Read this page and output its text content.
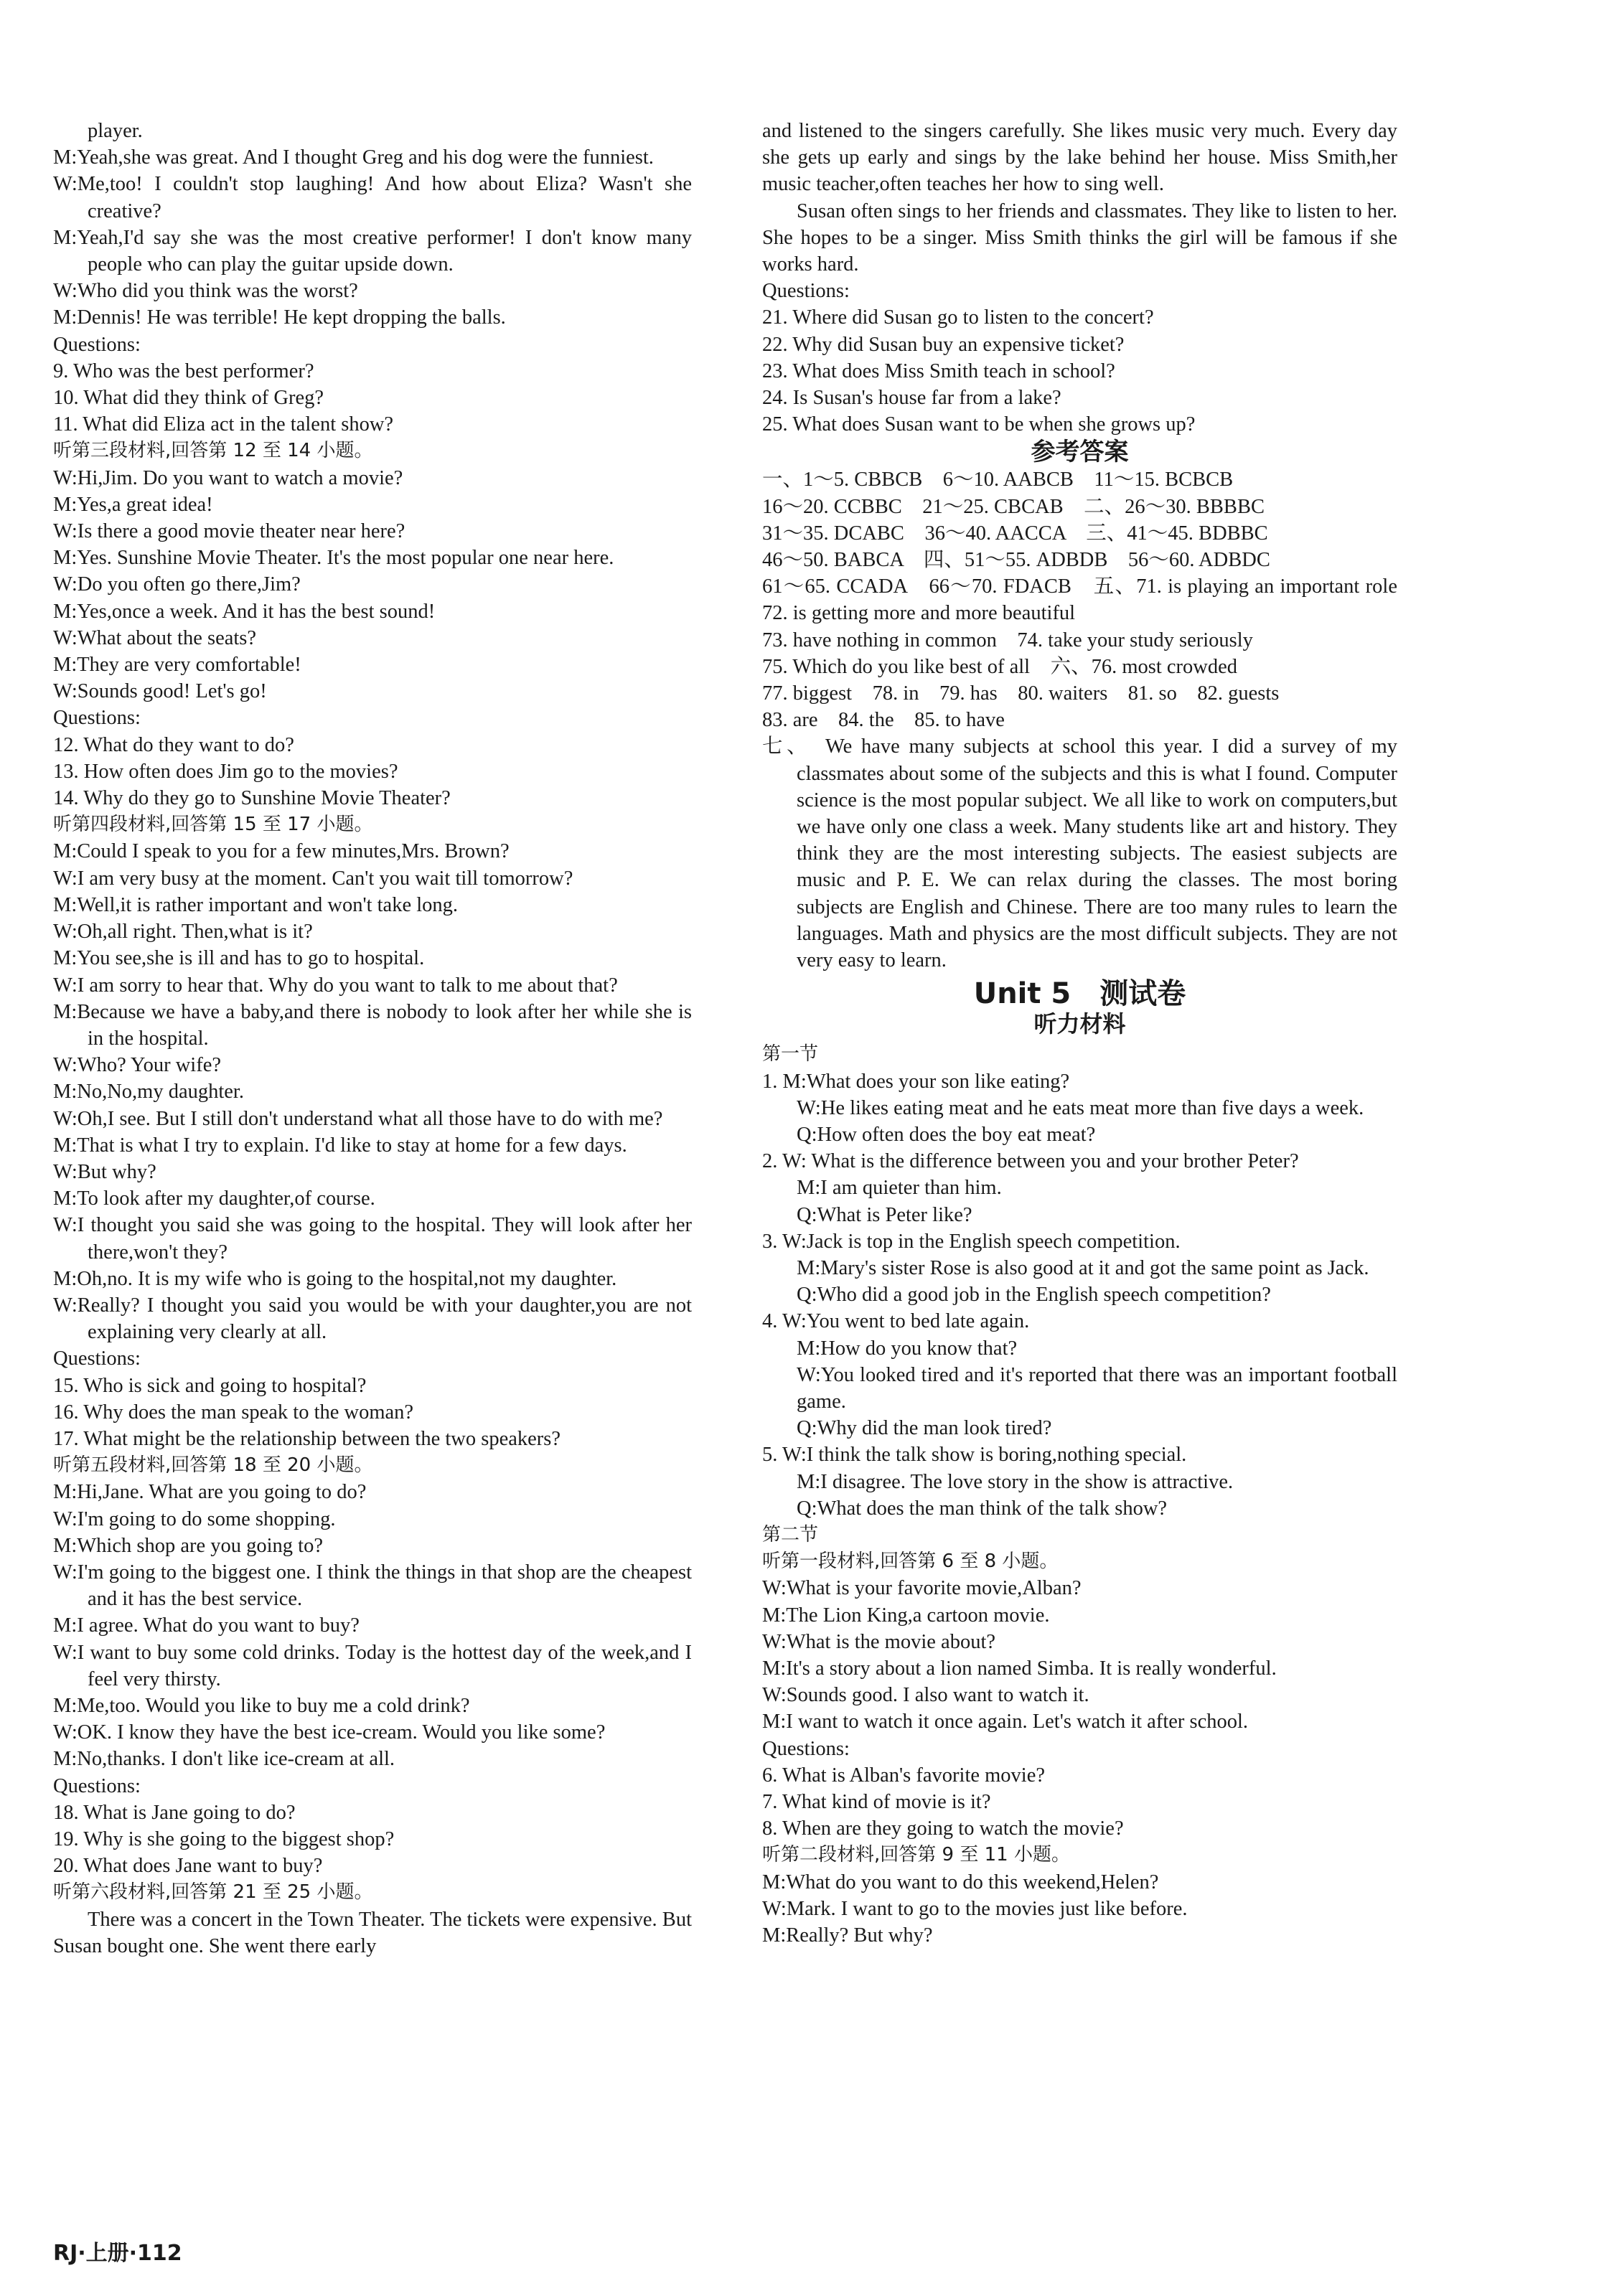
player.

M:Yeah,she was great. And I thought Greg and his dog were the funniest.

W:Me,too! I couldn't stop laughing! And how about Eliza? Wasn't she creative?

M:Yeah,I'd say she was the most creative performer! I don't know many people who can play the guitar upside down.

W:Who did you think was the worst?

M:Dennis! He was terrible! He kept dropping the balls.

Questions:

9. Who was the best performer?

10. What did they think of Greg?

11. What did Eliza act in the talent show?

听第三段材料,回答第 12 至 14 小题。

W:Hi,Jim. Do you want to watch a movie?

M:Yes,a great idea!

W:Is there a good movie theater near here?

M:Yes. Sunshine Movie Theater. It's the most popular one near here.

W:Do you often go there,Jim?

M:Yes,once a week. And it has the best sound!

W:What about the seats?

M:They are very comfortable!

W:Sounds good! Let's go!

Questions:

12. What do they want to do?

13. How often does Jim go to the movies?

14. Why do they go to Sunshine Movie Theater?

听第四段材料,回答第 15 至 17 小题。

M:Could I speak to you for a few minutes,Mrs. Brown?

W:I am very busy at the moment. Can't you wait till tomorrow?

M:Well,it is rather important and won't take long.

W:Oh,all right. Then,what is it?

M:You see,she is ill and has to go to hospital.

W:I am sorry to hear that. Why do you want to talk to me about that?

M:Because we have a baby,and there is nobody to look after her while she is in the hospital.

W:Who? Your wife?

M:No,No,my daughter.

W:Oh,I see. But I still don't understand what all those have to do with me?

M:That is what I try to explain. I'd like to stay at home for a few days.

W:But why?

M:To look after my daughter,of course.

W:I thought you said she was going to the hospital. They will look after her there,won't they?

M:Oh,no. It is my wife who is going to the hospital,not my daughter.

W:Really? I thought you said you would be with your daughter,you are not explaining very clearly at all.

Questions:

15. Who is sick and going to hospital?

16. Why does the man speak to the woman?

17. What might be the relationship between the two speakers?

听第五段材料,回答第 18 至 20 小题。

M:Hi,Jane. What are you going to do?

W:I'm going to do some shopping.

M:Which shop are you going to?

W:I'm going to the biggest one. I think the things in that shop are the cheapest and it has the best service.

M:I agree. What do you want to buy?

W:I want to buy some cold drinks. Today is the hottest day of the week,and I feel very thirsty.

M:Me,too. Would you like to buy me a cold drink?

W:OK. I know they have the best ice-cream. Would you like some?

M:No,thanks. I don't like ice-cream at all.

Questions:

18. What is Jane going to do?

19. Why is she going to the biggest shop?

20. What does Jane want to buy?

听第六段材料,回答第 21 至 25 小题。

There was a concert in the Town Theater. The tickets were expensive. But Susan bought one. She went there early

and listened to the singers carefully. She likes music very much. Every day she gets up early and sings by the lake behind her house. Miss Smith,her music teacher,often teaches her how to sing well.

Susan often sings to her friends and classmates. They like to listen to her. She hopes to be a singer. Miss Smith thinks the girl will be famous if she works hard.

Questions:

21. Where did Susan go to listen to the concert?

22. Why did Susan buy an expensive ticket?

23. What does Miss Smith teach in school?

24. Is Susan's house far from a lake?

25. What does Susan want to be when she grows up?

参考答案

一、1～5. CBBCB　6～10. AABCB　11～15. BCBCB

16～20. CCBBC　21～25. CBCAB　二、26～30. BBBBC

31～35. DCABC　36～40. AACCA　三、41～45. BDBBC

46～50. BABCA　四、51～55. ADBDB　56～60. ADBDC

61～65. CCADA　66～70. FDACB　五、71. is playing an important role　72. is getting more and more beautiful

73. have nothing in common　74. take your study seriously

75. Which do you like best of all　六、76. most crowded

77. biggest　78. in　79. has　80. waiters　81. so　82. guests

83. are　84. the　85. to have

七、　We have many subjects at school this year. I did a survey of my classmates about some of the subjects and this is what I found. Computer science is the most popular subject. We all like to work on computers,but we have only one class a week. Many students like art and history. They think they are the most interesting subjects. The easiest subjects are music and P. E. We can relax during the classes. The most boring subjects are English and Chinese. There are too many rules to learn the languages. Math and physics are the most difficult subjects. They are not very easy to learn.

Unit 5　测试卷

听力材料

第一节

1. M:What does your son like eating?

W:He likes eating meat and he eats meat more than five days a week.

Q:How often does the boy eat meat?

2. W: What is the difference between you and your brother Peter?

M:I am quieter than him.

Q:What is Peter like?

3. W:Jack is top in the English speech competition.

M:Mary's sister Rose is also good at it and got the same point as Jack.

Q:Who did a good job in the English speech competition?

4. W:You went to bed late again.

M:How do you know that?

W:You looked tired and it's reported that there was an important football game.

Q:Why did the man look tired?

5. W:I think the talk show is boring,nothing special.

M:I disagree. The love story in the show is attractive.

Q:What does the man think of the talk show?

第二节

听第一段材料,回答第 6 至 8 小题。

W:What is your favorite movie,Alban?

M:The Lion King,a cartoon movie.

W:What is the movie about?

M:It's a story about a lion named Simba. It is really wonderful.

W:Sounds good. I also want to watch it.

M:I want to watch it once again. Let's watch it after school.

Questions:

6. What is Alban's favorite movie?

7. What kind of movie is it?

8. When are they going to watch the movie?

听第二段材料,回答第 9 至 11 小题。

M:What do you want to do this weekend,Helen?

W:Mark. I want to go to the movies just like before.

M:Really? But why?

RJ·上册·112
